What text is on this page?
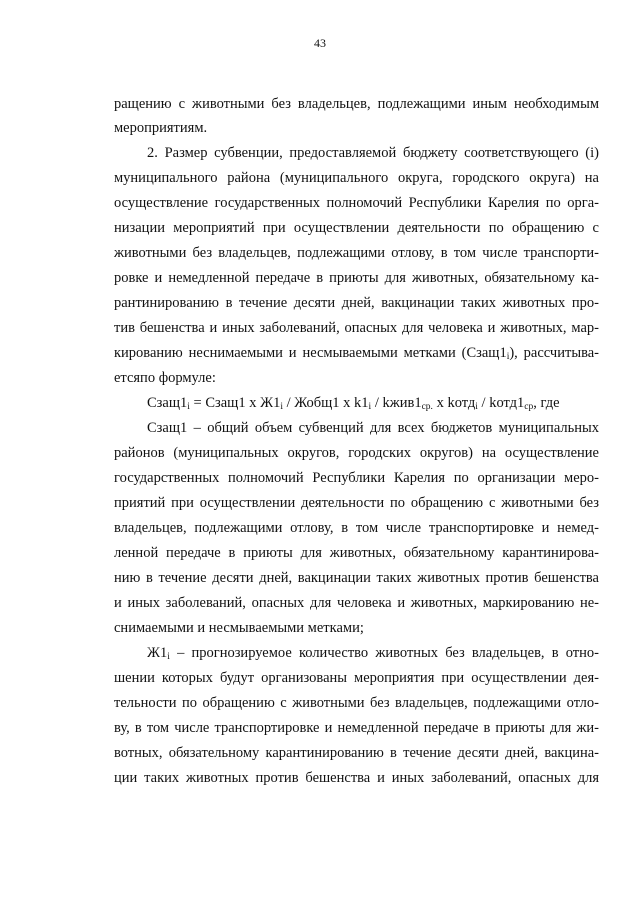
43
ращению с животными без владельцев, подлежащими иным необходимым
мероприятиям.
2. Размер субвенции, предоставляемой бюджету соответствующего (i)
муниципального района (муниципального округа, городского округа) на
осуществление государственных полномочий Республики Карелия по орга-
низации мероприятий при осуществлении деятельности по обращению с
животными без владельцев, подлежащими отлову, в том числе транспорти-
ровке и немедленной передаче в приюты для животных, обязательному ка-
рантинированию в течение десяти дней, вакцинации таких животных про-
тив бешенства и иных заболеваний, опасных для человека и животных, мар-
кированию неснимаемыми и несмываемыми метками $(Сзащ1_i)$, рассчитыва-
етсяпо формуле:
$Сзащ1_i$ = Сзащ1 x $Ж1_i$ / Жобщ1 x $k1_i$ / $kжив1_{ср.}$ x kотд$_i$ / $kотд1_{ср}$, где
Сзащ1 – общий объем субвенций для всех бюджетов муниципальных
районов (муниципальных округов, городских округов) на осуществление
государственных полномочий Республики Карелия по организации меро-
приятий при осуществлении деятельности по обращению с животными без
владельцев, подлежащими отлову, в том числе транспортировке и немед-
ленной передаче в приюты для животных, обязательному карантинирова-
нию в течение десяти дней, вакцинации таких животных против бешенства
и иных заболеваний, опасных для человека и животных, маркированию не-
снимаемыми и несмываемыми метками;
$Ж1_i$ – прогнозируемое количество животных без владельцев, в отно-
шении которых будут организованы мероприятия при осуществлении дея-
тельности по обращению с животными без владельцев, подлежащими отло-
ву, в том числе транспортировке и немедленной передаче в приюты для жи-
вотных, обязательному карантинированию в течение десяти дней, вакцина-
ции таких животных против бешенства и иных заболеваний, опасных для
